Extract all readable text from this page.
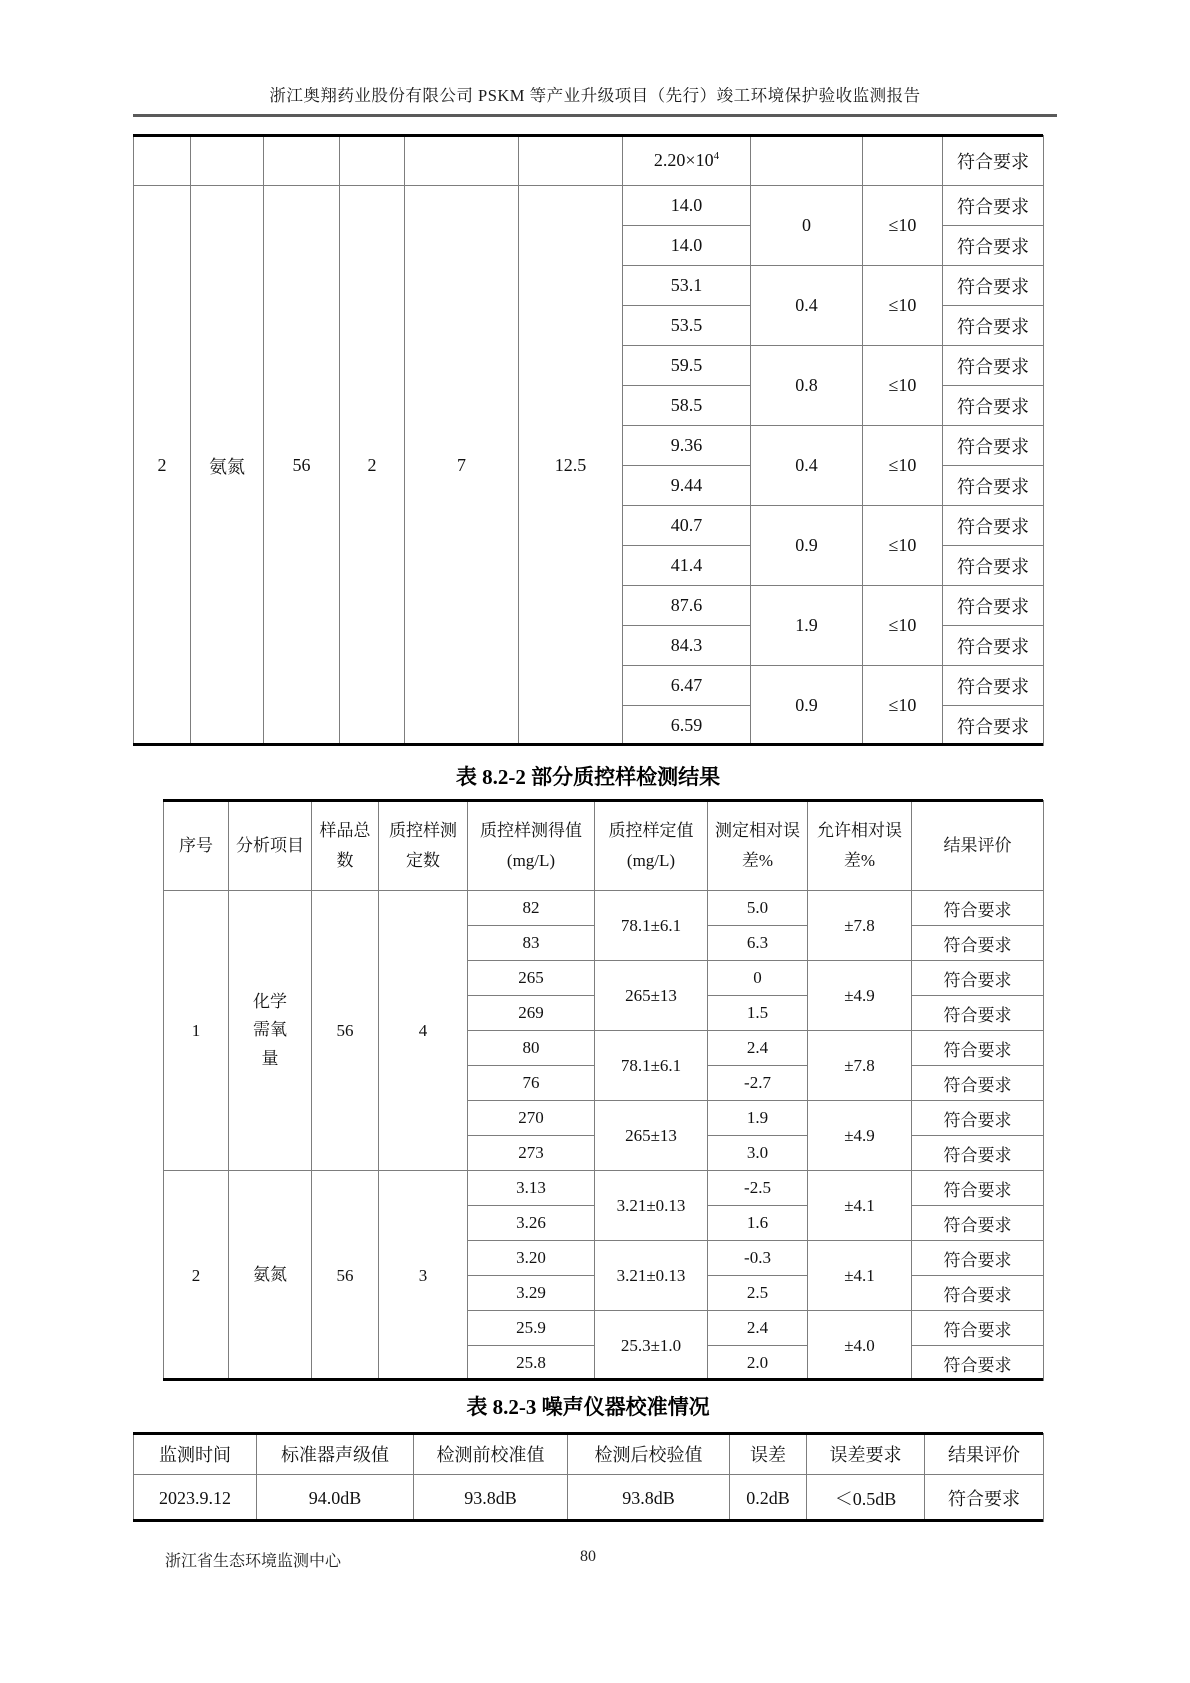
浙江奥翔药业股份有限公司 PSKM 等产业升级项目（先行）竣工环境保护验收监测报告
						$2.20\times 10^4$			符合要求
2	氨氮	56	2	7	12.5	14.0	0	≤10	符合要求
						14.0			符合要求
						53.1	0.4	≤10	符合要求
						53.5			符合要求
						59.5	0.8	≤10	符合要求
						58.5			符合要求
						9.36	0.4	≤10	符合要求
						9.44			符合要求
						40.7	0.9	≤10	符合要求
						41.4			符合要求
						87.6	1.9	≤10	符合要求
						84.3			符合要求
						6.47	0.9	≤10	符合要求
						6.59			符合要求
表 8.2-2 部分质控样检测结果
序号	分析项目	样品总数	质控样测定数	质控样测得值(mg/L)	质控样定值(mg/L)	测定相对误差%	允许相对误差%	结果评价
1	化学需氧量	56	4	82	78.1±6.1	5.0	±7.8	符合要求
				83		6.3		符合要求
				265	265±13	0	±4.9	符合要求
				269		1.5		符合要求
				80	78.1±6.1	2.4	±7.8	符合要求
				76		-2.7		符合要求
				270	265±13	1.9	±4.9	符合要求
				273		3.0		符合要求
2	氨氮	56	3	3.13	3.21±0.13	-2.5	±4.1	符合要求
				3.26		1.6		符合要求
				3.20	3.21±0.13	-0.3	±4.1	符合要求
				3.29		2.5		符合要求
				25.9	25.3±1.0	2.4	±4.0	符合要求
				25.8		2.0		符合要求
表 8.2-3 噪声仪器校准情况
监测时间	标准器声级值	检测前校准值	检测后校验值	误差	误差要求	结果评价
2023.9.12	94.0dB	93.8dB	93.8dB	0.2dB	＜0.5dB	符合要求
浙江省生态环境监测中心	80
